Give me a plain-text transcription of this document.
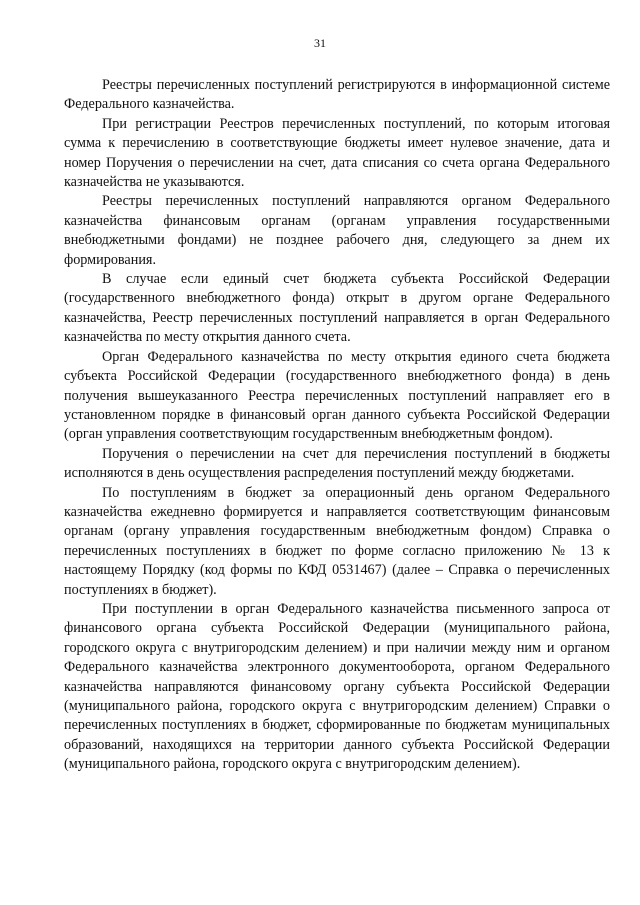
31

Реестры перечисленных поступлений регистрируются в информационной системе Федерального казначейства.

При регистрации Реестров перечисленных поступлений, по которым итоговая сумма к перечислению в соответствующие бюджеты имеет нулевое значение, дата и номер Поручения о перечислении на счет, дата списания со счета органа Федерального казначейства не указываются.

Реестры перечисленных поступлений направляются органом Федерального казначейства финансовым органам (органам управления государственными внебюджетными фондами) не позднее рабочего дня, следующего за днем их формирования.

В случае если единый счет бюджета субъекта Российской Федерации (государственного внебюджетного фонда) открыт в другом органе Федерального казначейства, Реестр перечисленных поступлений направляется в орган Федерального казначейства по месту открытия данного счета.

Орган Федерального казначейства по месту открытия единого счета бюджета субъекта Российской Федерации (государственного внебюджетного фонда) в день получения вышеуказанного Реестра перечисленных поступлений направляет его в установленном порядке в финансовый орган данного субъекта Российской Федерации (орган управления соответствующим государственным внебюджетным фондом).

Поручения о перечислении на счет для перечисления поступлений в бюджеты исполняются в день осуществления распределения поступлений между бюджетами.

По поступлениям в бюджет за операционный день органом Федерального казначейства ежедневно формируется и направляется соответствующим финансовым органам (органу управления государственным внебюджетным фондом) Справка о перечисленных поступлениях в бюджет по форме согласно приложению № 13 к настоящему Порядку (код формы по КФД 0531467) (далее – Справка о перечисленных поступлениях в бюджет).

При поступлении в орган Федерального казначейства письменного запроса от финансового органа субъекта Российской Федерации (муниципального района, городского округа с внутригородским делением) и при наличии между ним и органом Федерального казначейства электронного документооборота, органом Федерального казначейства направляются финансовому органу субъекта Российской Федерации (муниципального района, городского округа с внутригородским делением) Справки о перечисленных поступлениях в бюджет, сформированные по бюджетам муниципальных образований, находящихся на территории данного субъекта Российской Федерации (муниципального района, городского округа с внутригородским делением).
